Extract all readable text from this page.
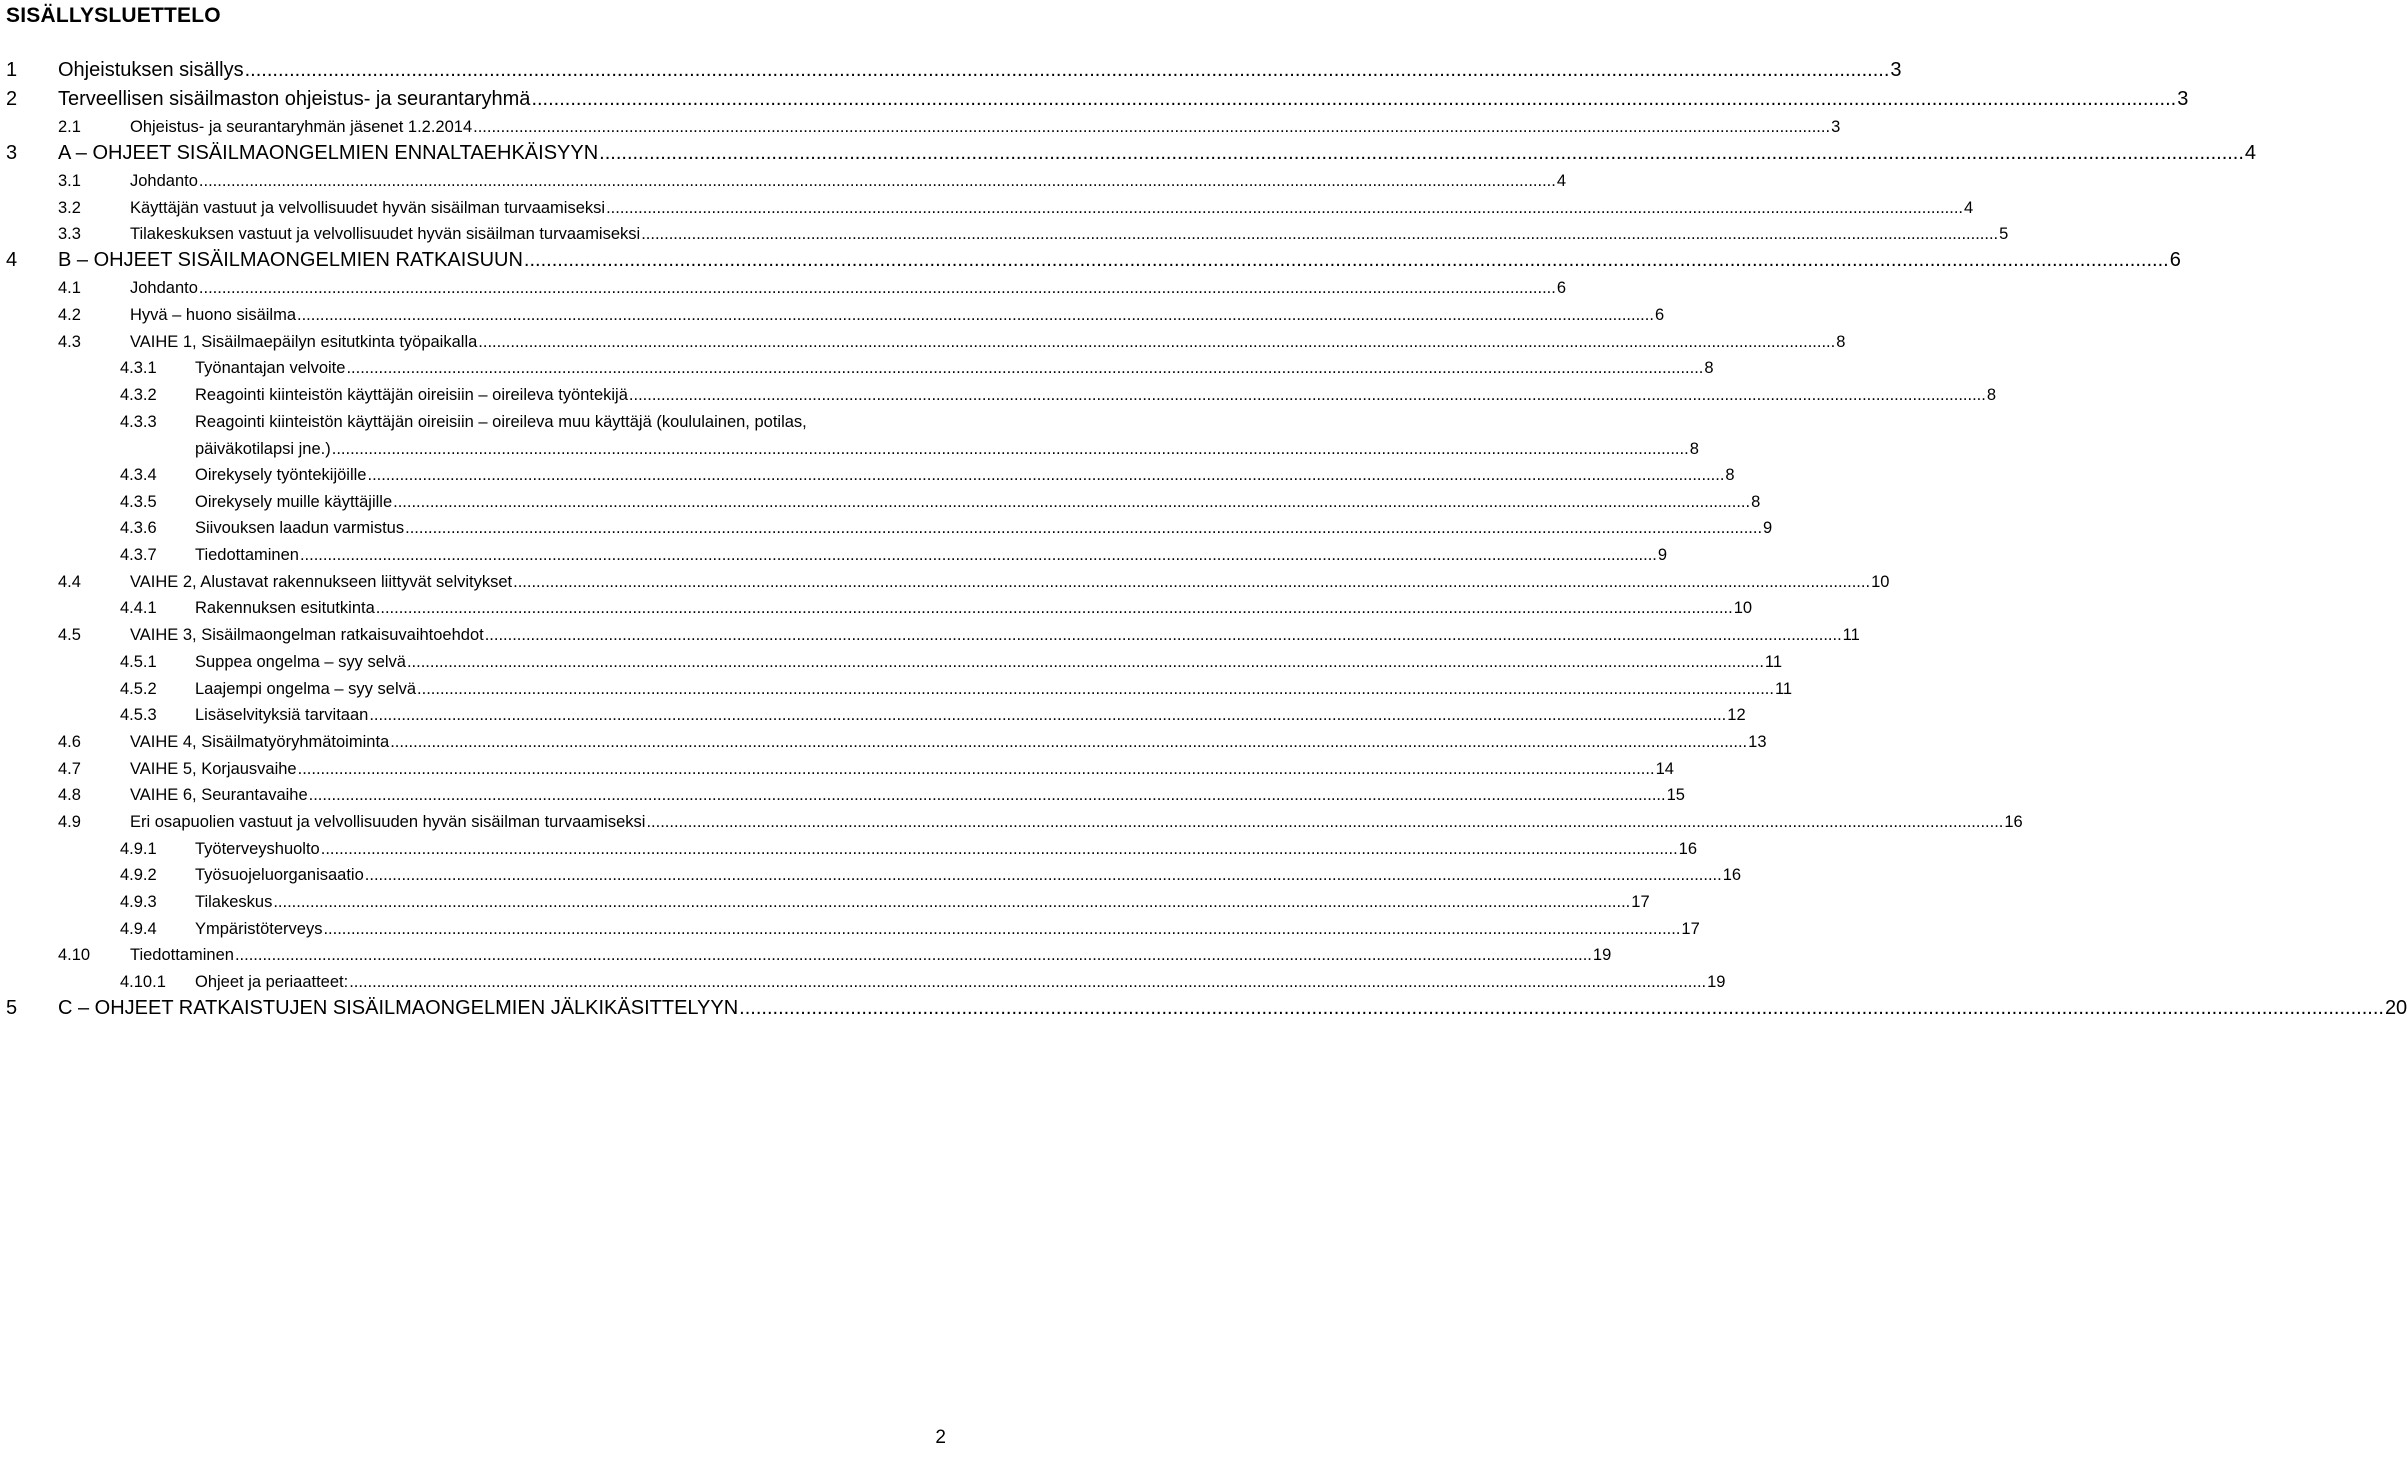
SISÄLLYSLUETTELO
1	Ohjeistuksen sisällys .....	3
2	Terveellisen sisäilmaston ohjeistus- ja seurantaryhmä .....	3
2.1	Ohjeistus- ja seurantaryhmän jäsenet 1.2.2014 .....	3
3	A – OHJEET SISÄILMAONGELMIEN ENNALTAEHKÄISYYN .....	4
3.1	Johdanto .....	4
3.2	Käyttäjän vastuut ja velvollisuudet hyvän sisäilman turvaamiseksi .....	4
3.3	Tilakeskuksen vastuut ja velvollisuudet hyvän sisäilman turvaamiseksi .....	5
4	B – OHJEET SISÄILMAONGELMIEN RATKAISUUN .....	6
4.1	Johdanto .....	6
4.2	Hyvä – huono sisäilma .....	6
4.3	VAIHE 1, Sisäilmaepäilyn esitutkinta työpaikalla .....	8
4.3.1	Työnantajan velvoite .....	8
4.3.2	Reagointi kiinteistön käyttäjän oireisiin – oireileva työntekijä .....	8
4.3.3	Reagointi kiinteistön käyttäjän oireisiin – oireileva muu käyttäjä (koululainen, potilas,
päiväkotilapsi jne.) .....	8
4.3.4	Oirekysely työntekijöille .....	8
4.3.5	Oirekysely muille käyttäjille .....	8
4.3.6	Siivouksen laadun varmistus .....	9
4.3.7	Tiedottaminen .....	9
4.4	VAIHE 2, Alustavat rakennukseen liittyvät selvitykset .....	10
4.4.1	Rakennuksen esitutkinta .....	10
4.5	VAIHE 3, Sisäilmaongelman ratkaisuvaihtoehdot .....	11
4.5.1	Suppea ongelma – syy selvä .....	11
4.5.2	Laajempi ongelma – syy selvä .....	11
4.5.3	Lisäselvityksiä tarvitaan .....	12
4.6	VAIHE 4, Sisäilmatyöryhmätoiminta .....	13
4.7	VAIHE 5, Korjausvaihe .....	14
4.8	VAIHE 6, Seurantavaihe .....	15
4.9	Eri osapuolien vastuut ja velvollisuuden hyvän sisäilman turvaamiseksi .....	16
4.9.1	Työterveyshuolto .....	16
4.9.2	Työsuojeluorganisaatio .....	16
4.9.3	Tilakeskus .....	17
4.9.4	Ympäristöterveys .....	17
4.10	Tiedottaminen .....	19
4.10.1	Ohjeet ja periaatteet: .....	19
5	C – OHJEET RATKAISTUJEN SISÄILMAONGELMIEN JÄLKIKÄSITTELYYN .....	20
2
